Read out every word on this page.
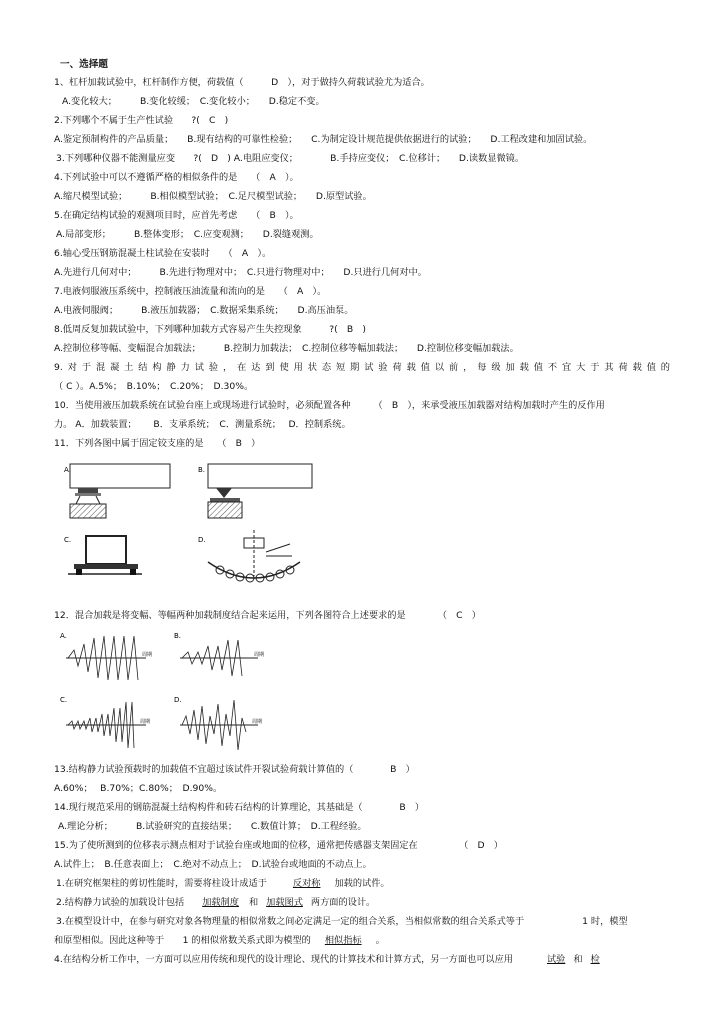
一、选择题
1、杠杆加载试验中，杠杆制作方便，荷载值（　　　D　），对于做持久荷载试验尤为适合。
A.变化较大；　　　B.变化较缓；　C.变化较小；　　D.稳定不变。
2.下列哪个不属于生产性试验　　?(　C　)
A.鉴定预制构件的产品质量；　　B.现有结构的可靠性检验；　　C.为制定设计规范提供依据进行的试验；　　D.工程改建和加固试验。
3.下列哪种仪器不能测量应变　　?(　D　) A.电阻应变仪；　　　　B.手持应变仪；　C.位移计；　　D.读数显微镜。
4.下列试验中可以不遵循严格的相似条件的是　　（　A　）。
A.缩尺模型试验；　　　B.相似模型试验；　C.足尺模型试验；　　D.原型试验。
5.在确定结构试验的观测项目时，应首先考虑　　（　B　）。
A.局部变形；　　　B.整体变形；　C.应变观测；　　D.裂缝观测。
6.轴心受压钢筋混凝土柱试验在安装时　　（　A　）。
A.先进行几何对中；　　　B.先进行物理对中；　C.只进行物理对中；　　D.只进行几何对中。
7.电液伺服液压系统中，控制液压油流量和流向的是　　（　A　）。
A.电液伺服阀；　　　B.液压加载器；　C.数据采集系统；　　D.高压油泵。
8.低周反复加载试验中，下列哪种加载方式容易产生失控现象　　　?(　B　)
A.控制位移等幅、变幅混合加载法；　　　B.控制力加载法；　C.控制位移等幅加载法；　　D.控制位移变幅加载法。
9.对于混凝土结构静力试验，在达到使用状态短期试验荷载值以前，每级加载值不宜大于其荷载值的
（ C ）。A.5%；　B.10%；　C.20%；　D.30%。
10．当使用液压加载系统在试验台座上或现场进行试验时，必须配置各种　　　（　B　），来承受液压加载器对结构加载时产生的反作用
力。 A．加载装置；　　 B．支承系统；　C．测量系统；　 D．控制系统。
11．下列各图中属于固定铰支座的是　　（　B　）
A.	B.
C.	D.
12．混合加载是将变幅、等幅两种加载制度结合起来运用，下列各图符合上述要求的是　　　　（　C　）
A.
周期
B.
周期
C.
周期
D.
周期
13.结构静力试验预载时的加载值不宜超过该试件开裂试验荷载计算值的（　　　　B　）
A.60%；　 B.70%；C.80%；　D.90%。
14.现行规范采用的钢筋混凝土结构构件和砖石结构的计算理论，其基础是（　　　　B　）
A.理论分析；　　　B.试验研究的直接结果；　　C.数值计算；　D.工程经验。
15.为了使所测到的位移表示测点相对于试验台座或地面的位移，通常把传感器支架固定在　　　　　（　D　）
A.试件上；　B.任意表面上；　C.绝对不动点上；　D.试验台或地面的不动点上。
1.在研究框架柱的剪切性能时，需要将柱设计成适于	反对称 加载的试件。
2.结构静力试验的加载设计包括 加载制度 和 加载图式 两方面的设计。
3.在模型设计中，在参与研究对象各物理量的相似常数之间必定满足一定的组合关系，当相似常数的组合关系式等于	1 时，模型
和原型相似。因此这种等于　　1 的相似常数关系式即为模型的 相似指标 。
4.在结构分析工作中，一方面可以应用传统和现代的设计理论、现代的计算技术和计算方式，另一方面也可以应用	试验 和 检
